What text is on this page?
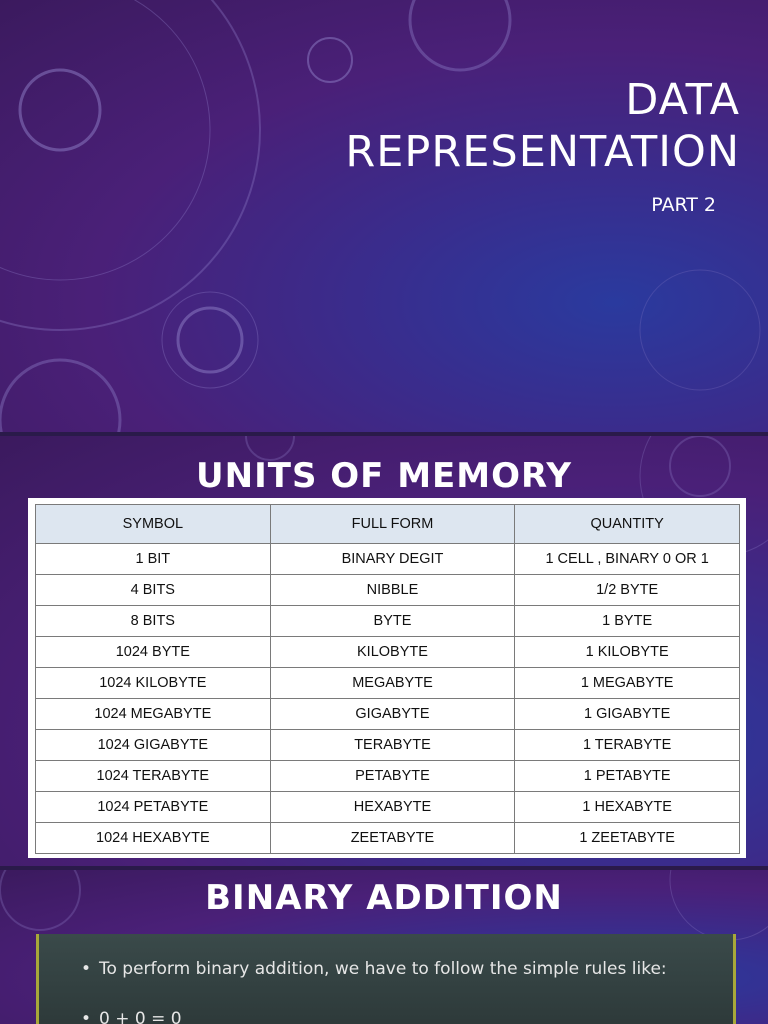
DATA
REPRESENTATION

PART 2

UNITS OF MEMORY
SYMBOL	FULL FORM	QUANTITY
1 BIT	BINARY DEGIT	1 CELL , BINARY 0 OR 1
4 BITS	NIBBLE	1/2 BYTE
8 BITS	BYTE	1 BYTE
1024 BYTE	KILOBYTE	1 KILOBYTE
1024 KILOBYTE	MEGABYTE	1 MEGABYTE
1024 MEGABYTE	GIGABYTE	1 GIGABYTE
1024 GIGABYTE	TERABYTE	1 TERABYTE
1024 TERABYTE	PETABYTE	1 PETABYTE
1024 PETABYTE	HEXABYTE	1 HEXABYTE
1024 HEXABYTE	ZEETABYTE	1 ZEETABYTE
BINARY ADDITION
• To perform binary addition, we have to follow the simple rules like:
• 0 + 0 = 0
